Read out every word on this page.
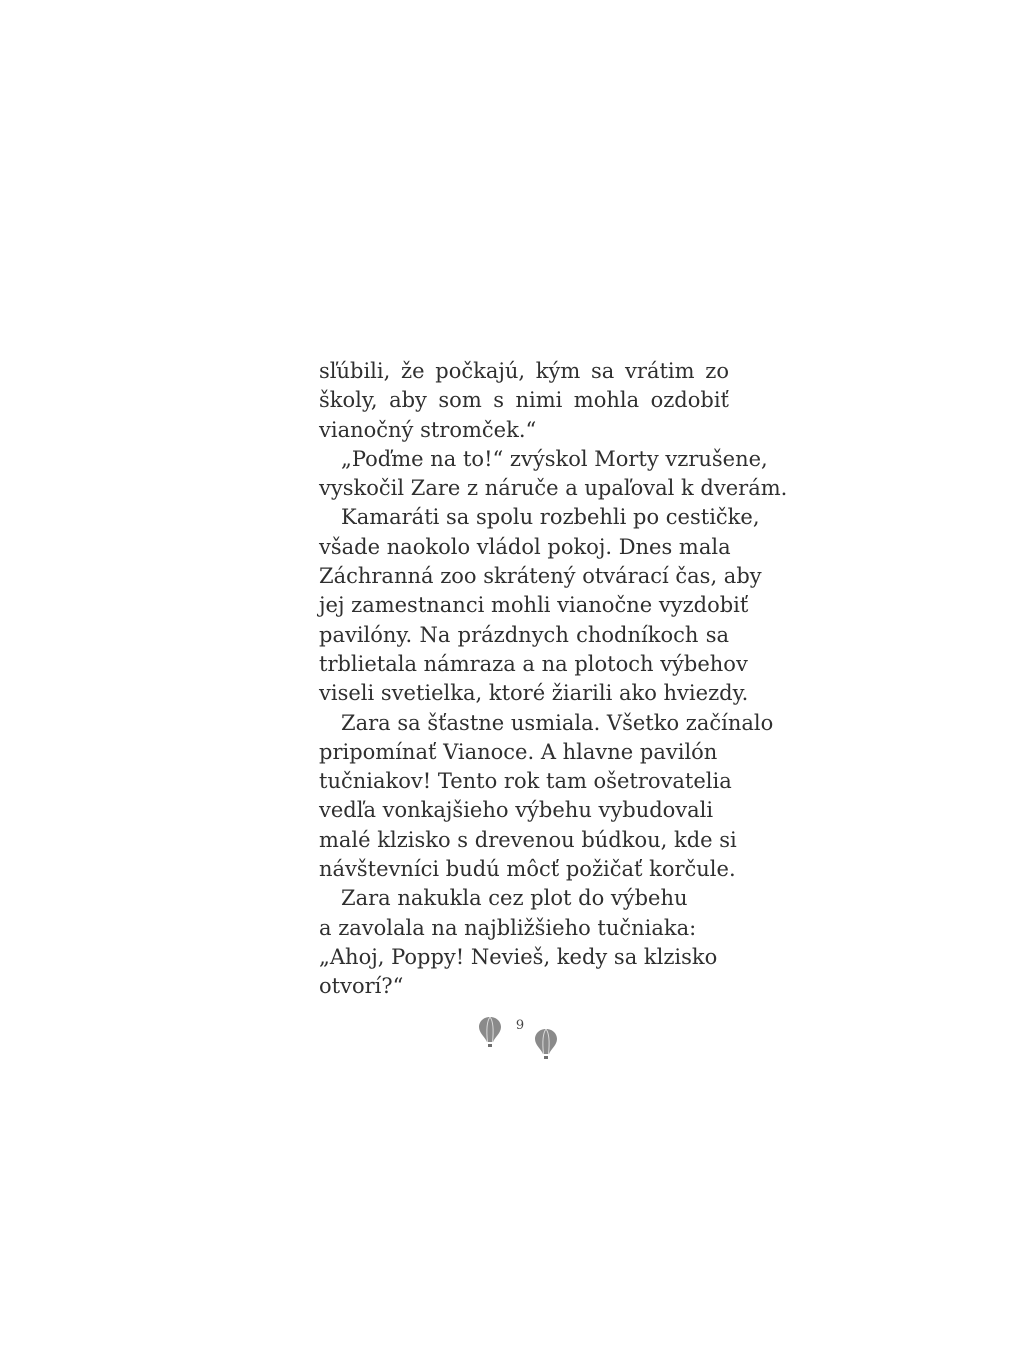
sľúbili, že počkajú, kým sa vrátim zo
školy, aby som s nimi mohla ozdobiť
vianočný stromček.“
„Poďme na to!“ zvýskol Morty vzrušene,
vyskočil Zare z náruče a upaľoval k dverám.
Kamaráti sa spolu rozbehli po cestičke,
všade naokolo vládol pokoj. Dnes mala
Záchranná zoo skrátený otvárací čas, aby
jej zamestnanci mohli vianočne vyzdobiť
pavilóny. Na prázdnych chodníkoch sa
trblietala námraza a na plotoch výbehov
viseli svetielka, ktoré žiarili ako hviezdy.
Zara sa šťastne usmiala. Všetko začínalo
pripomínať Vianoce. A hlavne pavilón
tučniakov! Tento rok tam ošetrovatelia
vedľa vonkajšieho výbehu vybudovali
malé klzisko s drevenou búdkou, kde si
návštevníci budú môcť požičať korčule.
Zara nakukla cez plot do výbehu
a zavolala na najbližšieho tučniaka:
„Ahoj, Poppy! Nevieš, kedy sa klzisko
otvorí?“
9
